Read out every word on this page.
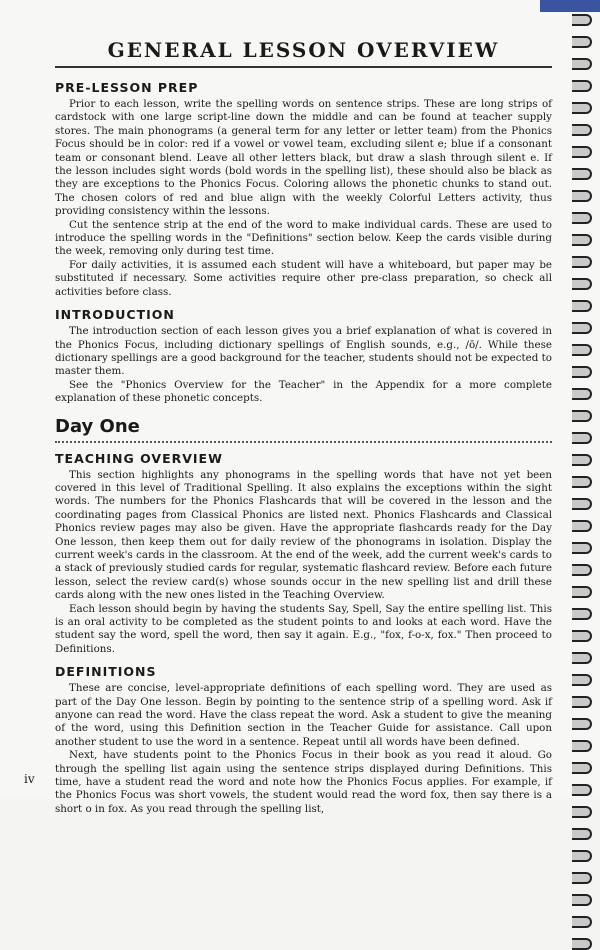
GENERAL LESSON OVERVIEW
PRE-LESSON PREP

Prior to each lesson, write the spelling words on sentence strips. These are long strips of cardstock with one large script-line down the middle and can be found at teacher supply stores. The main phonograms (a general term for any letter or letter team) from the Phonics Focus should be in color: red if a vowel or vowel team, excluding silent e; blue if a consonant team or consonant blend. Leave all other letters black, but draw a slash through silent e. If the lesson includes sight words (bold words in the spelling list), these should also be black as they are exceptions to the Phonics Focus. Coloring allows the phonetic chunks to stand out. The chosen colors of red and blue align with the weekly Colorful Letters activity, thus providing consistency within the lessons.

Cut the sentence strip at the end of the word to make individual cards. These are used to introduce the spelling words in the "Definitions" section below. Keep the cards visible during the week, removing only during test time.

For daily activities, it is assumed each student will have a whiteboard, but paper may be substituted if necessary. Some activities require other pre-class preparation, so check all activities before class.

INTRODUCTION

The introduction section of each lesson gives you a brief explanation of what is covered in the Phonics Focus, including dictionary spellings of English sounds, e.g., /ō/. While these dictionary spellings are a good background for the teacher, students should not be expected to master them.

See the "Phonics Overview for the Teacher" in the Appendix for a more complete explanation of these phonetic concepts.

Day One
TEACHING OVERVIEW

This section highlights any phonograms in the spelling words that have not yet been covered in this level of Traditional Spelling. It also explains the exceptions within the sight words. The numbers for the Phonics Flashcards that will be covered in the lesson and the coordinating pages from Classical Phonics are listed next. Phonics Flashcards and Classical Phonics review pages may also be given. Have the appropriate flashcards ready for the Day One lesson, then keep them out for daily review of the phonograms in isolation. Display the current week's cards in the classroom. At the end of the week, add the current week's cards to a stack of previously studied cards for regular, systematic flashcard review. Before each future lesson, select the review card(s) whose sounds occur in the new spelling list and drill these cards along with the new ones listed in the Teaching Overview.

Each lesson should begin by having the students Say, Spell, Say the entire spelling list. This is an oral activity to be completed as the student points to and looks at each word. Have the student say the word, spell the word, then say it again. E.g., "fox, f-o-x, fox." Then proceed to Definitions.

DEFINITIONS

These are concise, level-appropriate definitions of each spelling word. They are used as part of the Day One lesson. Begin by pointing to the sentence strip of a spelling word. Ask if anyone can read the word. Have the class repeat the word. Ask a student to give the meaning of the word, using this Definition section in the Teacher Guide for assistance. Call upon another student to use the word in a sentence. Repeat until all words have been defined.

Next, have students point to the Phonics Focus in their book as you read it aloud. Go through the spelling list again using the sentence strips displayed during Definitions. This time, have a student read the word and note how the Phonics Focus applies. For example, if the Phonics Focus was short vowels, the student would read the word fox, then say there is a short o in fox. As you read through the spelling list,

iv
